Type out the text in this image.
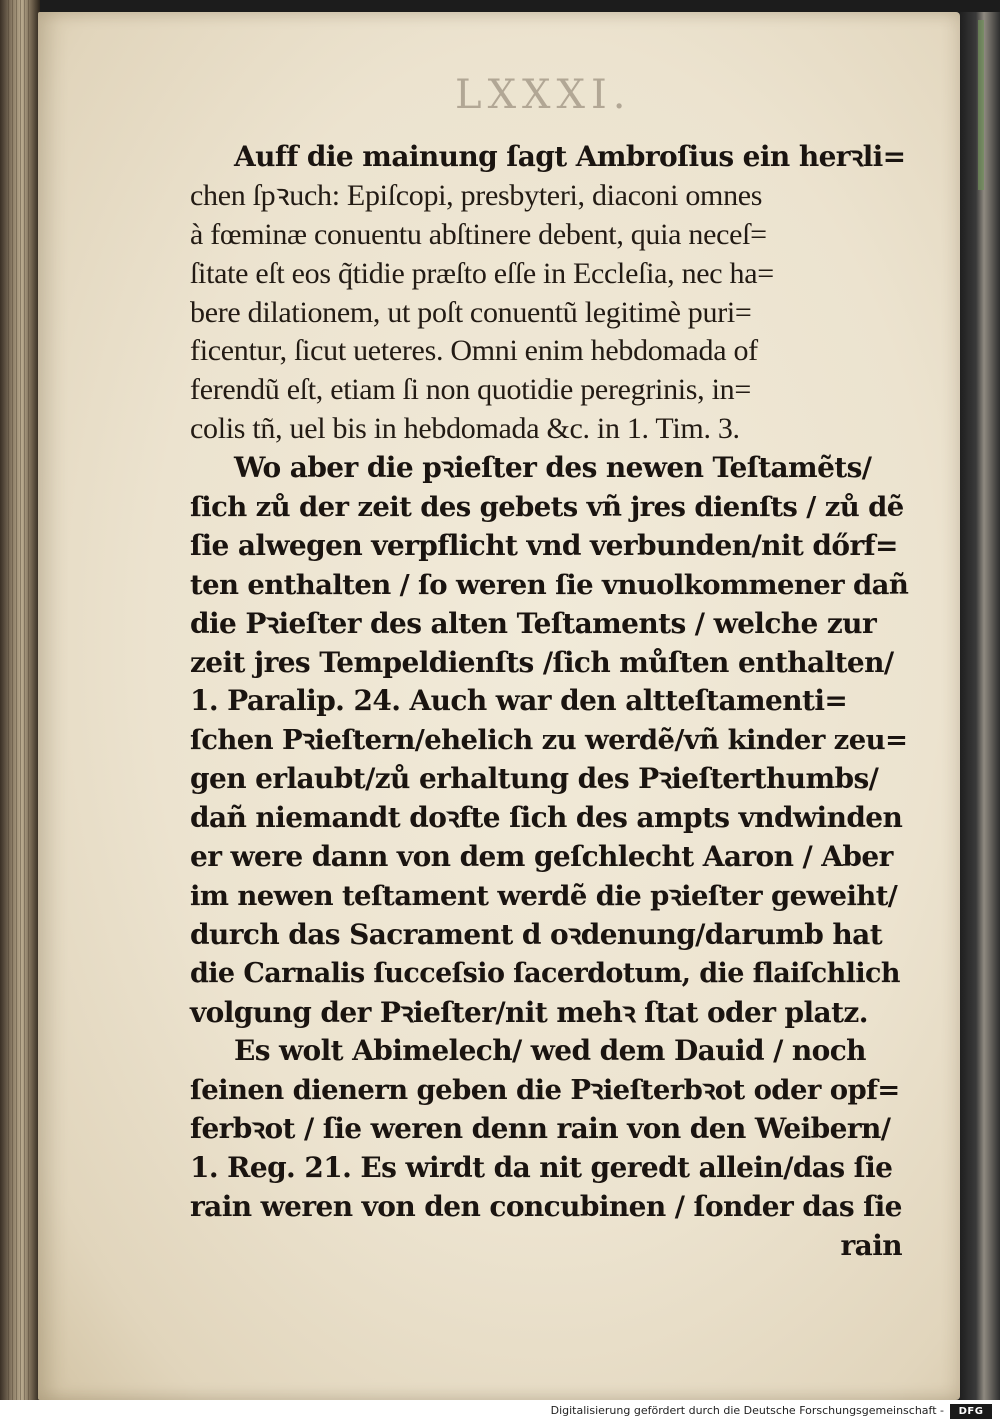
LXXXI.
Auff die mainung ſagt Ambroſius ein herꝛli=
chen ſpꝛuch: Epiſcopi, presbyteri, diaconi omnes
à fœminæ conuentu abſtinere debent, quia neceſ=
ſitate eſt eos q̃tidie præſto eſſe in Eccleſia, nec ha=
bere dilationem, ut poſt conuentũ legitimè puri=
ficentur, ſicut ueteres. Omni enim hebdomada of
ferendũ eſt, etiam ſi non quotidie peregrinis, in=
colis tñ, uel bis in hebdomada &c. in 1. Tim. 3.
Wo aber die pꝛieſter des newen Teſtamẽts/
ſich zů der zeit des gebets vñ jres dienſts / zů dẽ
ſie alwegen verpflicht vnd verbunden/nit dőrf=
ten enthalten / ſo weren ſie vnuolkommener dañ
die Pꝛieſter des alten Teſtaments / welche zur
zeit jres Tempeldienſts /ſich můſten enthalten/
1. Paralip. 24. Auch war den altteſtamenti=
ſchen Pꝛieſtern/ehelich zu werdẽ/vñ kinder zeu=
gen erlaubt/zů erhaltung des Pꝛieſterthumbs/
dañ niemandt doꝛfte ſich des ampts vndwinden
er were dann von dem geſchlecht Aaron / Aber
im newen teſtament werdẽ die pꝛieſter geweiht/
durch das Sacrament d oꝛdenung/darumb hat
die Carnalis ſucceſsio ſacerdotum, die flaiſchlich
volgung der Pꝛieſter/nit mehꝛ ſtat oder platz.
Es wolt Abimelech/ wed dem Dauid / noch
ſeinen dienern geben die Pꝛieſterbꝛot oder opf=
ferbꝛot / ſie weren denn rain von den Weibern/
1. Reg. 21. Es wirdt da nit geredt allein/das ſie
rain weren von den concubinen / ſonder das ſie
rain
Digitalisierung gefördert durch die Deutsche Forschungsgemeinschaft -	DFG
